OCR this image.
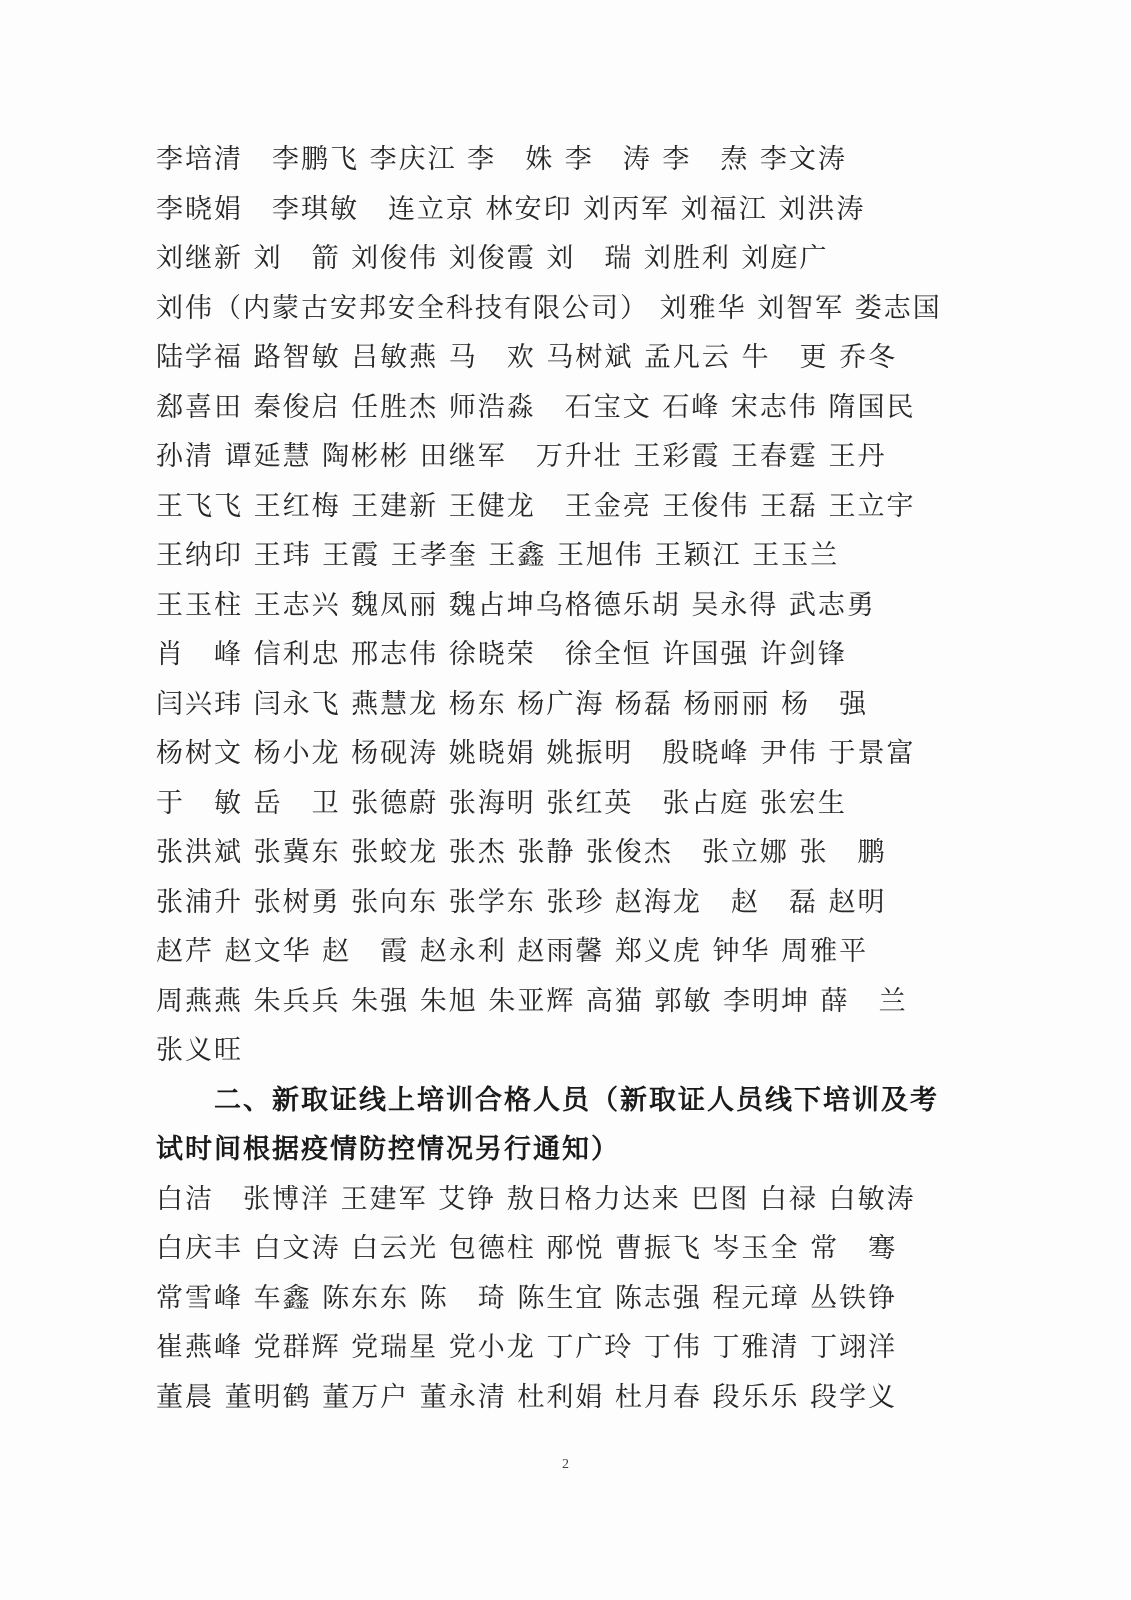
李培清　李鹏飞 李庆江 李　姝 李　涛 李　焘 李文涛
李晓娟　李琪敏　连立京 林安印 刘丙军 刘福江 刘洪涛
刘继新 刘　箭 刘俊伟 刘俊霞 刘　瑞 刘胜利 刘庭广
刘伟（内蒙古安邦安全科技有限公司） 刘雅华 刘智军 娄志国
陆学福 路智敏 吕敏燕 马　欢 马树斌 孟凡云 牛　更 乔冬
郄喜田 秦俊启 任胜杰 师浩淼　石宝文 石峰 宋志伟 隋国民
孙清 谭延慧 陶彬彬 田继军　万升壮 王彩霞 王春霆 王丹
王飞飞 王红梅 王建新 王健龙　王金亮 王俊伟 王磊 王立宇
王纳印 王玮 王霞 王孝奎 王鑫 王旭伟 王颖江 王玉兰
王玉柱 王志兴 魏凤丽 魏占坤乌格德乐胡 吴永得 武志勇
肖　峰 信利忠 邢志伟 徐晓荣　徐全恒 许国强 许剑锋
闫兴玮 闫永飞 燕慧龙 杨东 杨广海 杨磊 杨丽丽 杨　强
杨树文 杨小龙 杨砚涛 姚晓娟 姚振明　殷晓峰 尹伟 于景富
于　敏 岳　卫 张德蔚 张海明 张红英　张占庭 张宏生
张洪斌 张冀东 张蛟龙 张杰 张静 张俊杰　张立娜 张　鹏
张浦升 张树勇 张向东 张学东 张珍 赵海龙　赵　磊 赵明
赵芹 赵文华 赵　霞 赵永利 赵雨馨 郑义虎 钟华 周雅平
周燕燕 朱兵兵 朱强 朱旭 朱亚辉 高猫 郭敏 李明坤 薛　兰
张义旺
二、新取证线上培训合格人员（新取证人员线下培训及考
试时间根据疫情防控情况另行通知）
白洁　张博洋 王建军 艾铮 敖日格力达来 巴图 白禄 白敏涛
白庆丰 白文涛 白云光 包德柱 邴悦 曹振飞 岑玉全 常　骞
常雪峰 车鑫 陈东东 陈　琦 陈生宜 陈志强 程元璋 丛铁铮
崔燕峰 党群辉 党瑞星 党小龙 丁广玲 丁伟 丁雅清 丁翊洋
董晨 董明鹤 董万户 董永清 杜利娟 杜月春 段乐乐 段学义
2
